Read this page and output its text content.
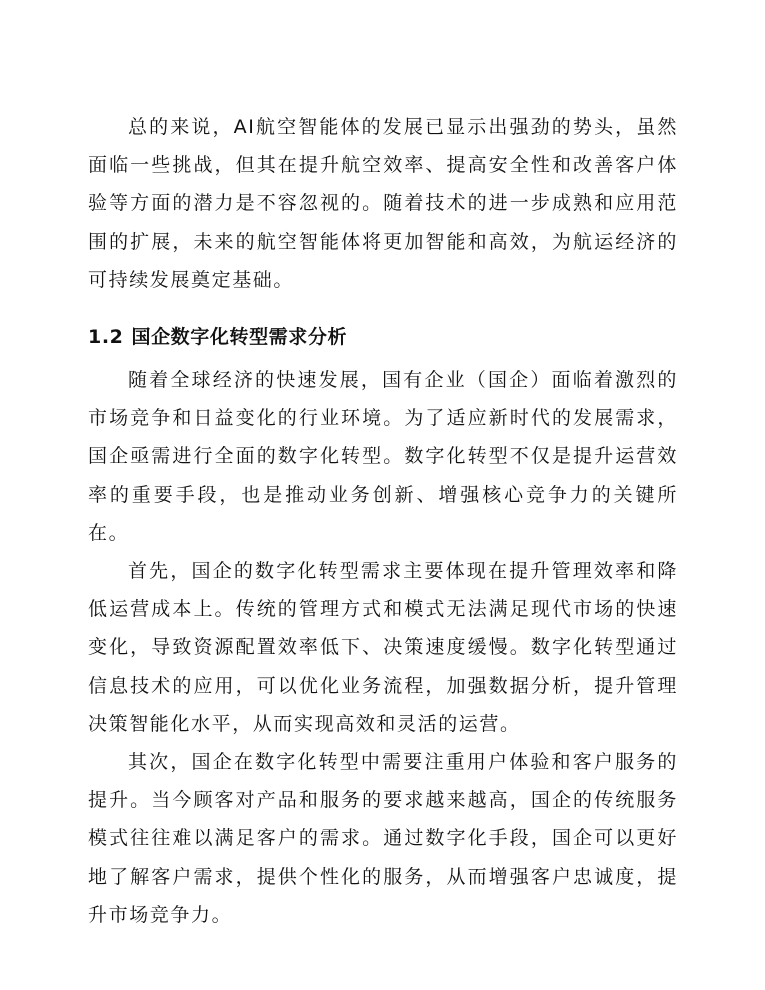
总的来说，AI航空智能体的发展已显示出强劲的势头，虽然面临一些挑战，但其在提升航空效率、提高安全性和改善客户体验等方面的潜力是不容忽视的。随着技术的进一步成熟和应用范围的扩展，未来的航空智能体将更加智能和高效，为航运经济的可持续发展奠定基础。

1.2 国企数字化转型需求分析

随着全球经济的快速发展，国有企业（国企）面临着激烈的市场竞争和日益变化的行业环境。为了适应新时代的发展需求，国企亟需进行全面的数字化转型。数字化转型不仅是提升运营效率的重要手段，也是推动业务创新、增强核心竞争力的关键所在。

首先，国企的数字化转型需求主要体现在提升管理效率和降低运营成本上。传统的管理方式和模式无法满足现代市场的快速变化，导致资源配置效率低下、决策速度缓慢。数字化转型通过信息技术的应用，可以优化业务流程，加强数据分析，提升管理决策智能化水平，从而实现高效和灵活的运营。

其次，国企在数字化转型中需要注重用户体验和客户服务的提升。当今顾客对产品和服务的要求越来越高，国企的传统服务模式往往难以满足客户的需求。通过数字化手段，国企可以更好地了解客户需求，提供个性化的服务，从而增强客户忠诚度，提升市场竞争力。
